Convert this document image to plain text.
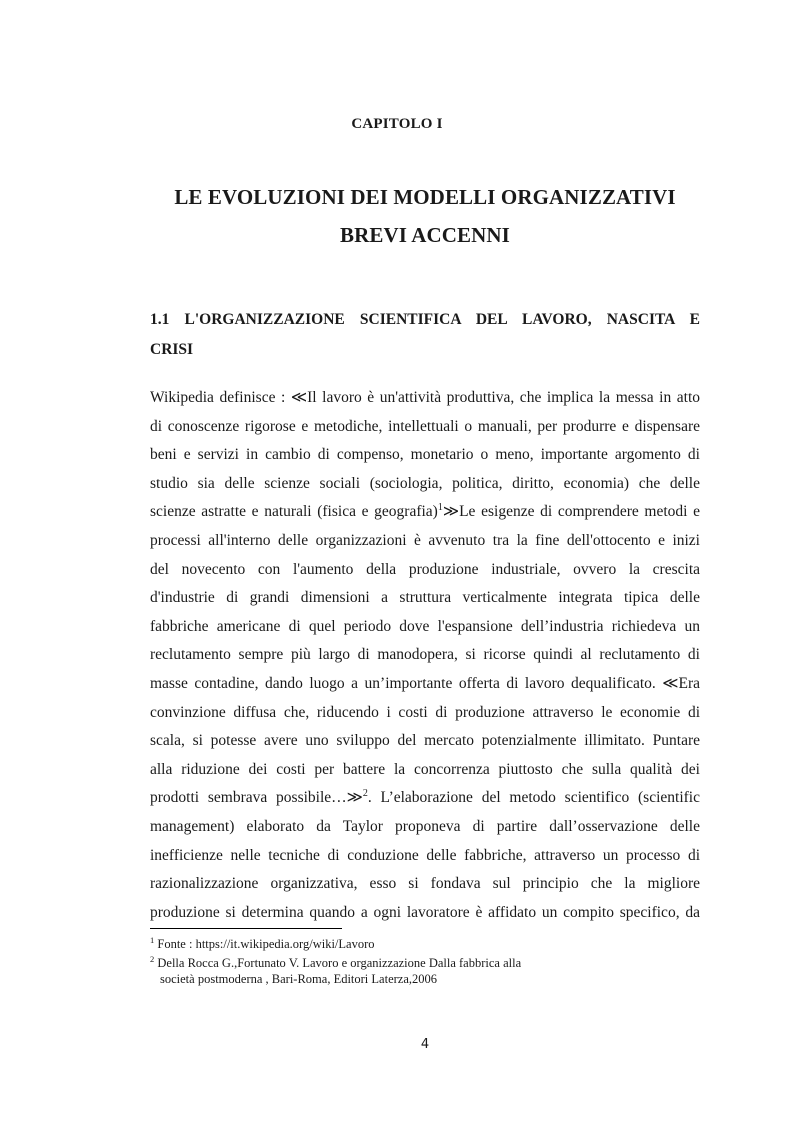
CAPITOLO I
LE EVOLUZIONI DEI MODELLI ORGANIZZATIVI
BREVI ACCENNI
1.1 L'ORGANIZZAZIONE SCIENTIFICA DEL LAVORO, NASCITA E
CRISI
Wikipedia definisce : ≪Il lavoro è un'attività produttiva, che implica la messa in atto
di conoscenze rigorose e metodiche, intellettuali o manuali, per produrre e dispensare
beni e servizi in cambio di compenso, monetario o meno, importante argomento di
studio sia delle scienze sociali (sociologia, politica, diritto, economia) che delle
scienze astratte e naturali (fisica e geografia)$^1$≫Le esigenze di comprendere metodi e
processi all'interno delle organizzazioni è avvenuto tra la fine dell'ottocento e inizi
del novecento con l'aumento della produzione industriale, ovvero la crescita
d'industrie di grandi dimensioni a struttura verticalmente integrata tipica delle
fabbriche americane di quel periodo dove l'espansione dell’industria richiedeva un
reclutamento sempre più largo di manodopera, si ricorse quindi al reclutamento di
masse contadine, dando luogo a un’importante offerta di lavoro dequalificato. ≪Era
convinzione diffusa che, riducendo i costi di produzione attraverso le economie di
scala, si potesse avere uno sviluppo del mercato potenzialmente illimitato. Puntare
alla riduzione dei costi per battere la concorrenza piuttosto che sulla qualità dei
prodotti sembrava possibile…≫$^2$. L’elaborazione del metodo scientifico (scientific
management) elaborato da Taylor proponeva di partire dall’osservazione delle
inefficienze nelle tecniche di conduzione delle fabbriche, attraverso un processo di
razionalizzazione organizzativa, esso si fondava sul principio che la migliore
produzione si determina quando a ogni lavoratore è affidato un compito specifico, da
$^1$ Fonte : https://it.wikipedia.org/wiki/Lavoro
$^2$ Della Rocca G.,Fortunato V. Lavoro e organizzazione Dalla fabbrica alla
società postmoderna , Bari-Roma, Editori Laterza,2006
4
